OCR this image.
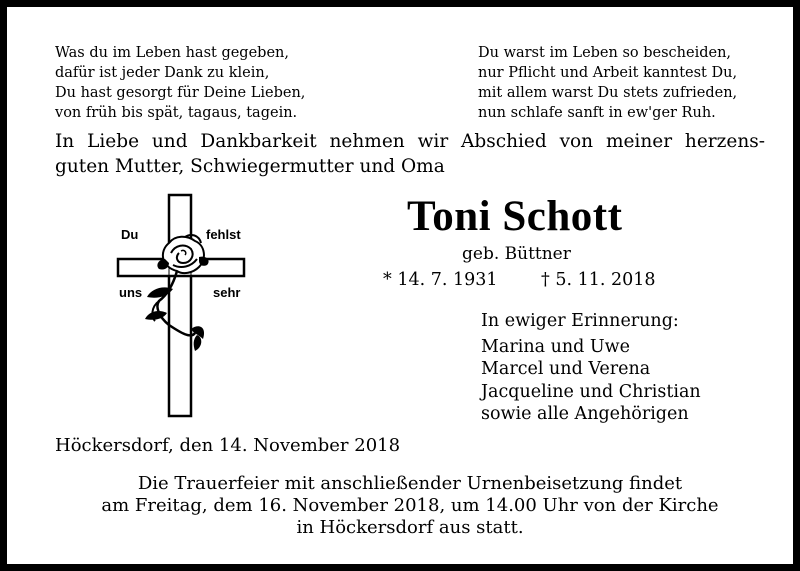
Was du im Leben hast gegeben,
dafür ist jeder Dank zu klein,
Du hast gesorgt für Deine Lieben,
von früh bis spät, tagaus, tagein.
Du warst im Leben so bescheiden,
nur Pflicht und Arbeit kanntest Du,
mit allem warst Du stets zufrieden,
nun schlafe sanft in ew'ger Ruh.
In Liebe und Dankbarkeit nehmen wir Abschied von meiner herzens-
guten Mutter, Schwiegermutter und Oma
Du	fehlst
uns	sehr
Toni Schott
geb. Büttner
* 14. 7. 1931 † 5. 11. 2018
In ewiger Erinnerung:
Marina und Uwe
Marcel und Verena
Jacqueline und Christian
sowie alle Angehörigen
Höckersdorf, den 14. November 2018
Die Trauerfeier mit anschließender Urnenbeisetzung findet
am Freitag, dem 16. November 2018, um 14.00 Uhr von der Kirche
in Höckersdorf aus statt.
